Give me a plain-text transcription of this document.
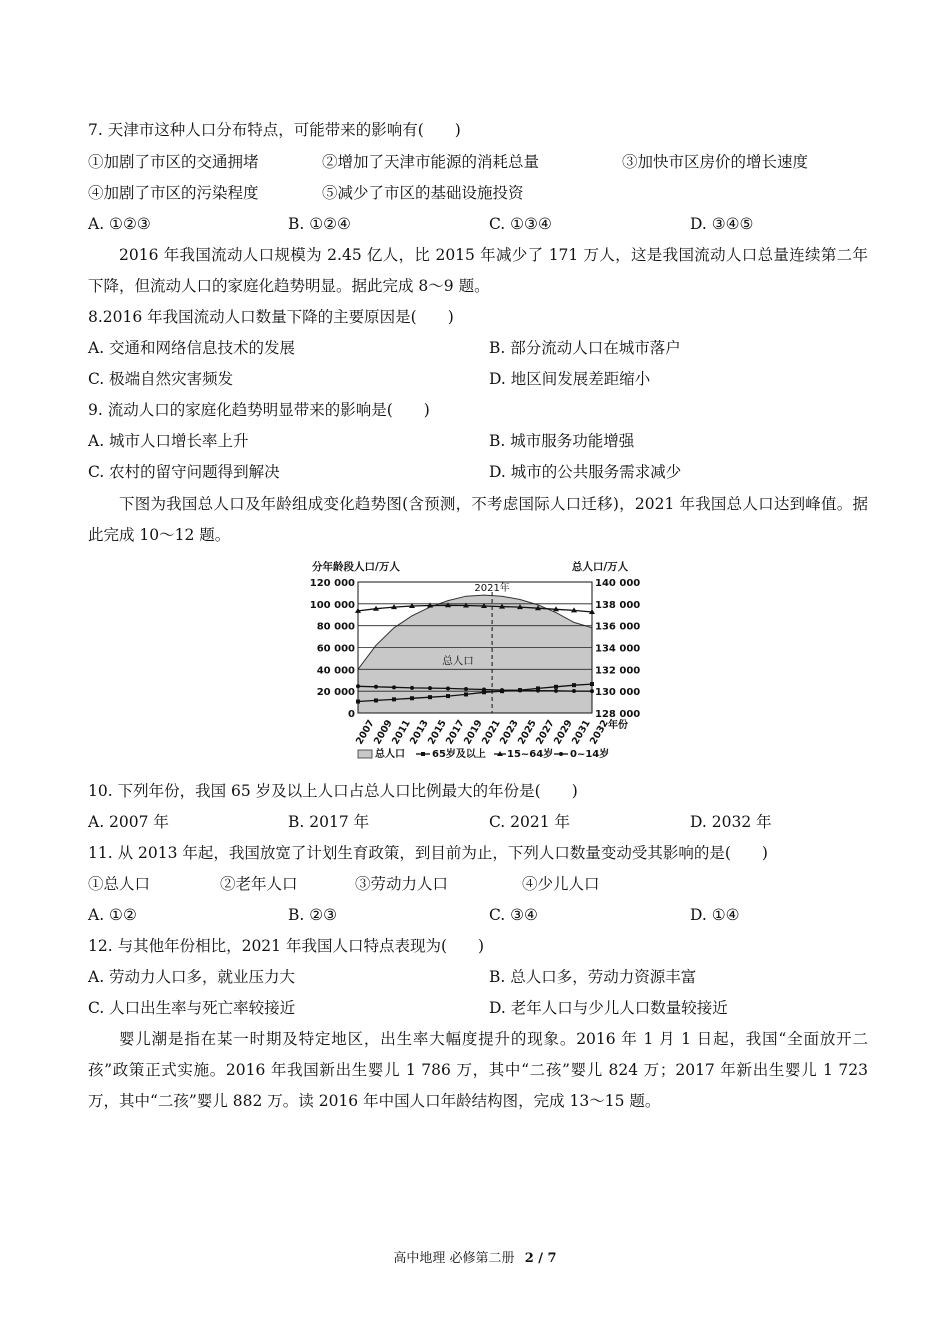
7. 天津市这种人口分布特点，可能带来的影响有(　　)
①加剧了市区的交通拥堵	②增加了天津市能源的消耗总量	③加快市区房价的增长速度
④加剧了市区的污染程度	⑤减少了市区的基础设施投资
A. ①②③	B. ①②④	C. ①③④	D. ③④⑤
2016 年我国流动人口规模为 2.45 亿人，比 2015 年减少了 171 万人，这是我国流动人口总量连续第二年下降，但流动人口的家庭化趋势明显。据此完成 8～9 题。
8.2016 年我国流动人口数量下降的主要原因是(　　)
A. 交通和网络信息技术的发展	B. 部分流动人口在城市落户
C. 极端自然灾害频发	D. 地区间发展差距缩小
9. 流动人口的家庭化趋势明显带来的影响是(　　)
A. 城市人口增长率上升	B. 城市服务功能增强
C. 农村的留守问题得到解决	D. 城市的公共服务需求减少
下图为我国总人口及年龄组成变化趋势图(含预测，不考虑国际人口迁移)，2021 年我国总人口达到峰值。据此完成 10～12 题。
2021年
总人口
分年龄段人口/万人	总人口/万人
120 000
100 000
80 000
60 000
40 000
20 000
0
140 000
138 000
136 000
134 000
132 000
130 000
128 000
2007
2009
2011
2013
2015
2017
2019
2021
2023
2025
2027
2029
2031
2032
年份
总人口	65岁及以上 15~64岁 0~14岁
10. 下列年份，我国 65 岁及以上人口占总人口比例最大的年份是(　　)
A. 2007 年	B. 2017 年	C. 2021 年	D. 2032 年
11. 从 2013 年起，我国放宽了计划生育政策，到目前为止，下列人口数量变动受其影响的是(　　)
①总人口	②老年人口	③劳动力人口	④少儿人口
A. ①②	B. ②③	C. ③④	D. ①④
12. 与其他年份相比，2021 年我国人口特点表现为(　　)
A. 劳动力人口多，就业压力大	B. 总人口多，劳动力资源丰富
C. 人口出生率与死亡率较接近	D. 老年人口与少儿人口数量较接近
婴儿潮是指在某一时期及特定地区，出生率大幅度提升的现象。2016 年 1 月 1 日起，我国“全面放开二孩”政策正式实施。2016 年我国新出生婴儿 1 786 万，其中“二孩”婴儿 824 万；2017 年新出生婴儿 1 723 万，其中“二孩”婴儿 882 万。读 2016 年中国人口年龄结构图，完成 13～15 题。
高中地理 必修第二册 2 / 7
